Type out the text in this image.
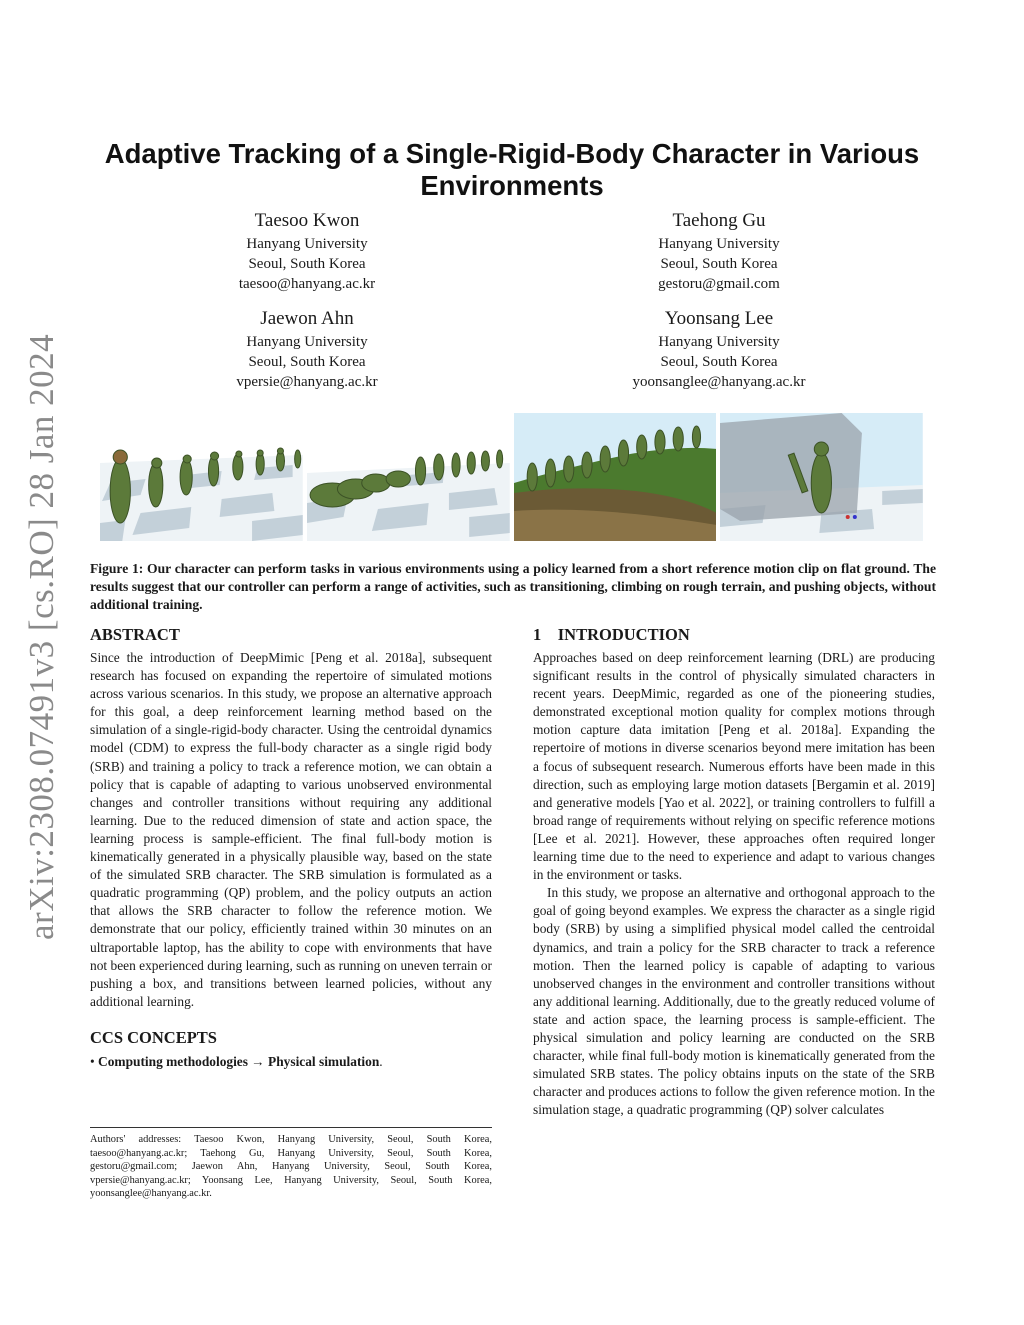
arXiv:2308.07491v3 [cs.RO] 28 Jan 2024
Adaptive Tracking of a Single-Rigid-Body Character in Various Environments
Taesoo Kwon
Hanyang University
Seoul, South Korea
taesoo@hanyang.ac.kr
Taehong Gu
Hanyang University
Seoul, South Korea
gestoru@gmail.com
Jaewon Ahn
Hanyang University
Seoul, South Korea
vpersie@hanyang.ac.kr
Yoonsang Lee
Hanyang University
Seoul, South Korea
yoonsanglee@hanyang.ac.kr
Figure 1: Our character can perform tasks in various environments using a policy learned from a short reference motion clip on flat ground. The results suggest that our controller can perform a range of activities, such as transitioning, climbing on rough terrain, and pushing objects, without additional training.
ABSTRACT

Since the introduction of DeepMimic [Peng et al. 2018a], subsequent research has focused on expanding the repertoire of simulated motions across various scenarios. In this study, we propose an alternative approach for this goal, a deep reinforcement learning method based on the simulation of a single-rigid-body character. Using the centroidal dynamics model (CDM) to express the full-body character as a single rigid body (SRB) and training a policy to track a reference motion, we can obtain a policy that is capable of adapting to various unobserved environmental changes and controller transitions without requiring any additional learning. Due to the reduced dimension of state and action space, the learning process is sample-efficient. The final full-body motion is kinematically generated in a physically plausible way, based on the state of the simulated SRB character. The SRB simulation is formulated as a quadratic programming (QP) problem, and the policy outputs an action that allows the SRB character to follow the reference motion. We demonstrate that our policy, efficiently trained within 30 minutes on an ultraportable laptop, has the ability to cope with environments that have not been experienced during learning, such as running on uneven terrain or pushing a box, and transitions between learned policies, without any additional learning.

CCS CONCEPTS
• Computing methodologies → Physical simulation.
Authors' addresses: Taesoo Kwon, Hanyang University, Seoul, South Korea, taesoo@hanyang.ac.kr; Taehong Gu, Hanyang University, Seoul, South Korea, gestoru@gmail.com; Jaewon Ahn, Hanyang University, Seoul, South Korea, vpersie@hanyang.ac.kr; Yoonsang Lee, Hanyang University, Seoul, South Korea, yoonsanglee@hanyang.ac.kr.
1    INTRODUCTION

Approaches based on deep reinforcement learning (DRL) are producing significant results in the control of physically simulated characters in recent years. DeepMimic, regarded as one of the pioneering studies, demonstrated exceptional motion quality for complex motions through motion capture data imitation [Peng et al. 2018a]. Expanding the repertoire of motions in diverse scenarios beyond mere imitation has been a focus of subsequent research. Numerous efforts have been made in this direction, such as employing large motion datasets [Bergamin et al. 2019] and generative models [Yao et al. 2022], or training controllers to fulfill a broad range of requirements without relying on specific reference motions [Lee et al. 2021]. However, these approaches often required longer learning time due to the need to experience and adapt to various changes in the environment or tasks.

In this study, we propose an alternative and orthogonal approach to the goal of going beyond examples. We express the character as a single rigid body (SRB) by using a simplified physical model called the centroidal dynamics, and train a policy for the SRB character to track a reference motion. Then the learned policy is capable of adapting to various unobserved changes in the environment and controller transitions without any additional learning. Additionally, due to the greatly reduced volume of state and action space, the learning process is sample-efficient. The physical simulation and policy learning are conducted on the SRB character, while final full-body motion is kinematically generated from the simulated SRB states. The policy obtains inputs on the state of the SRB character and produces actions to follow the given reference motion. In the simulation stage, a quadratic programming (QP) solver calculates
